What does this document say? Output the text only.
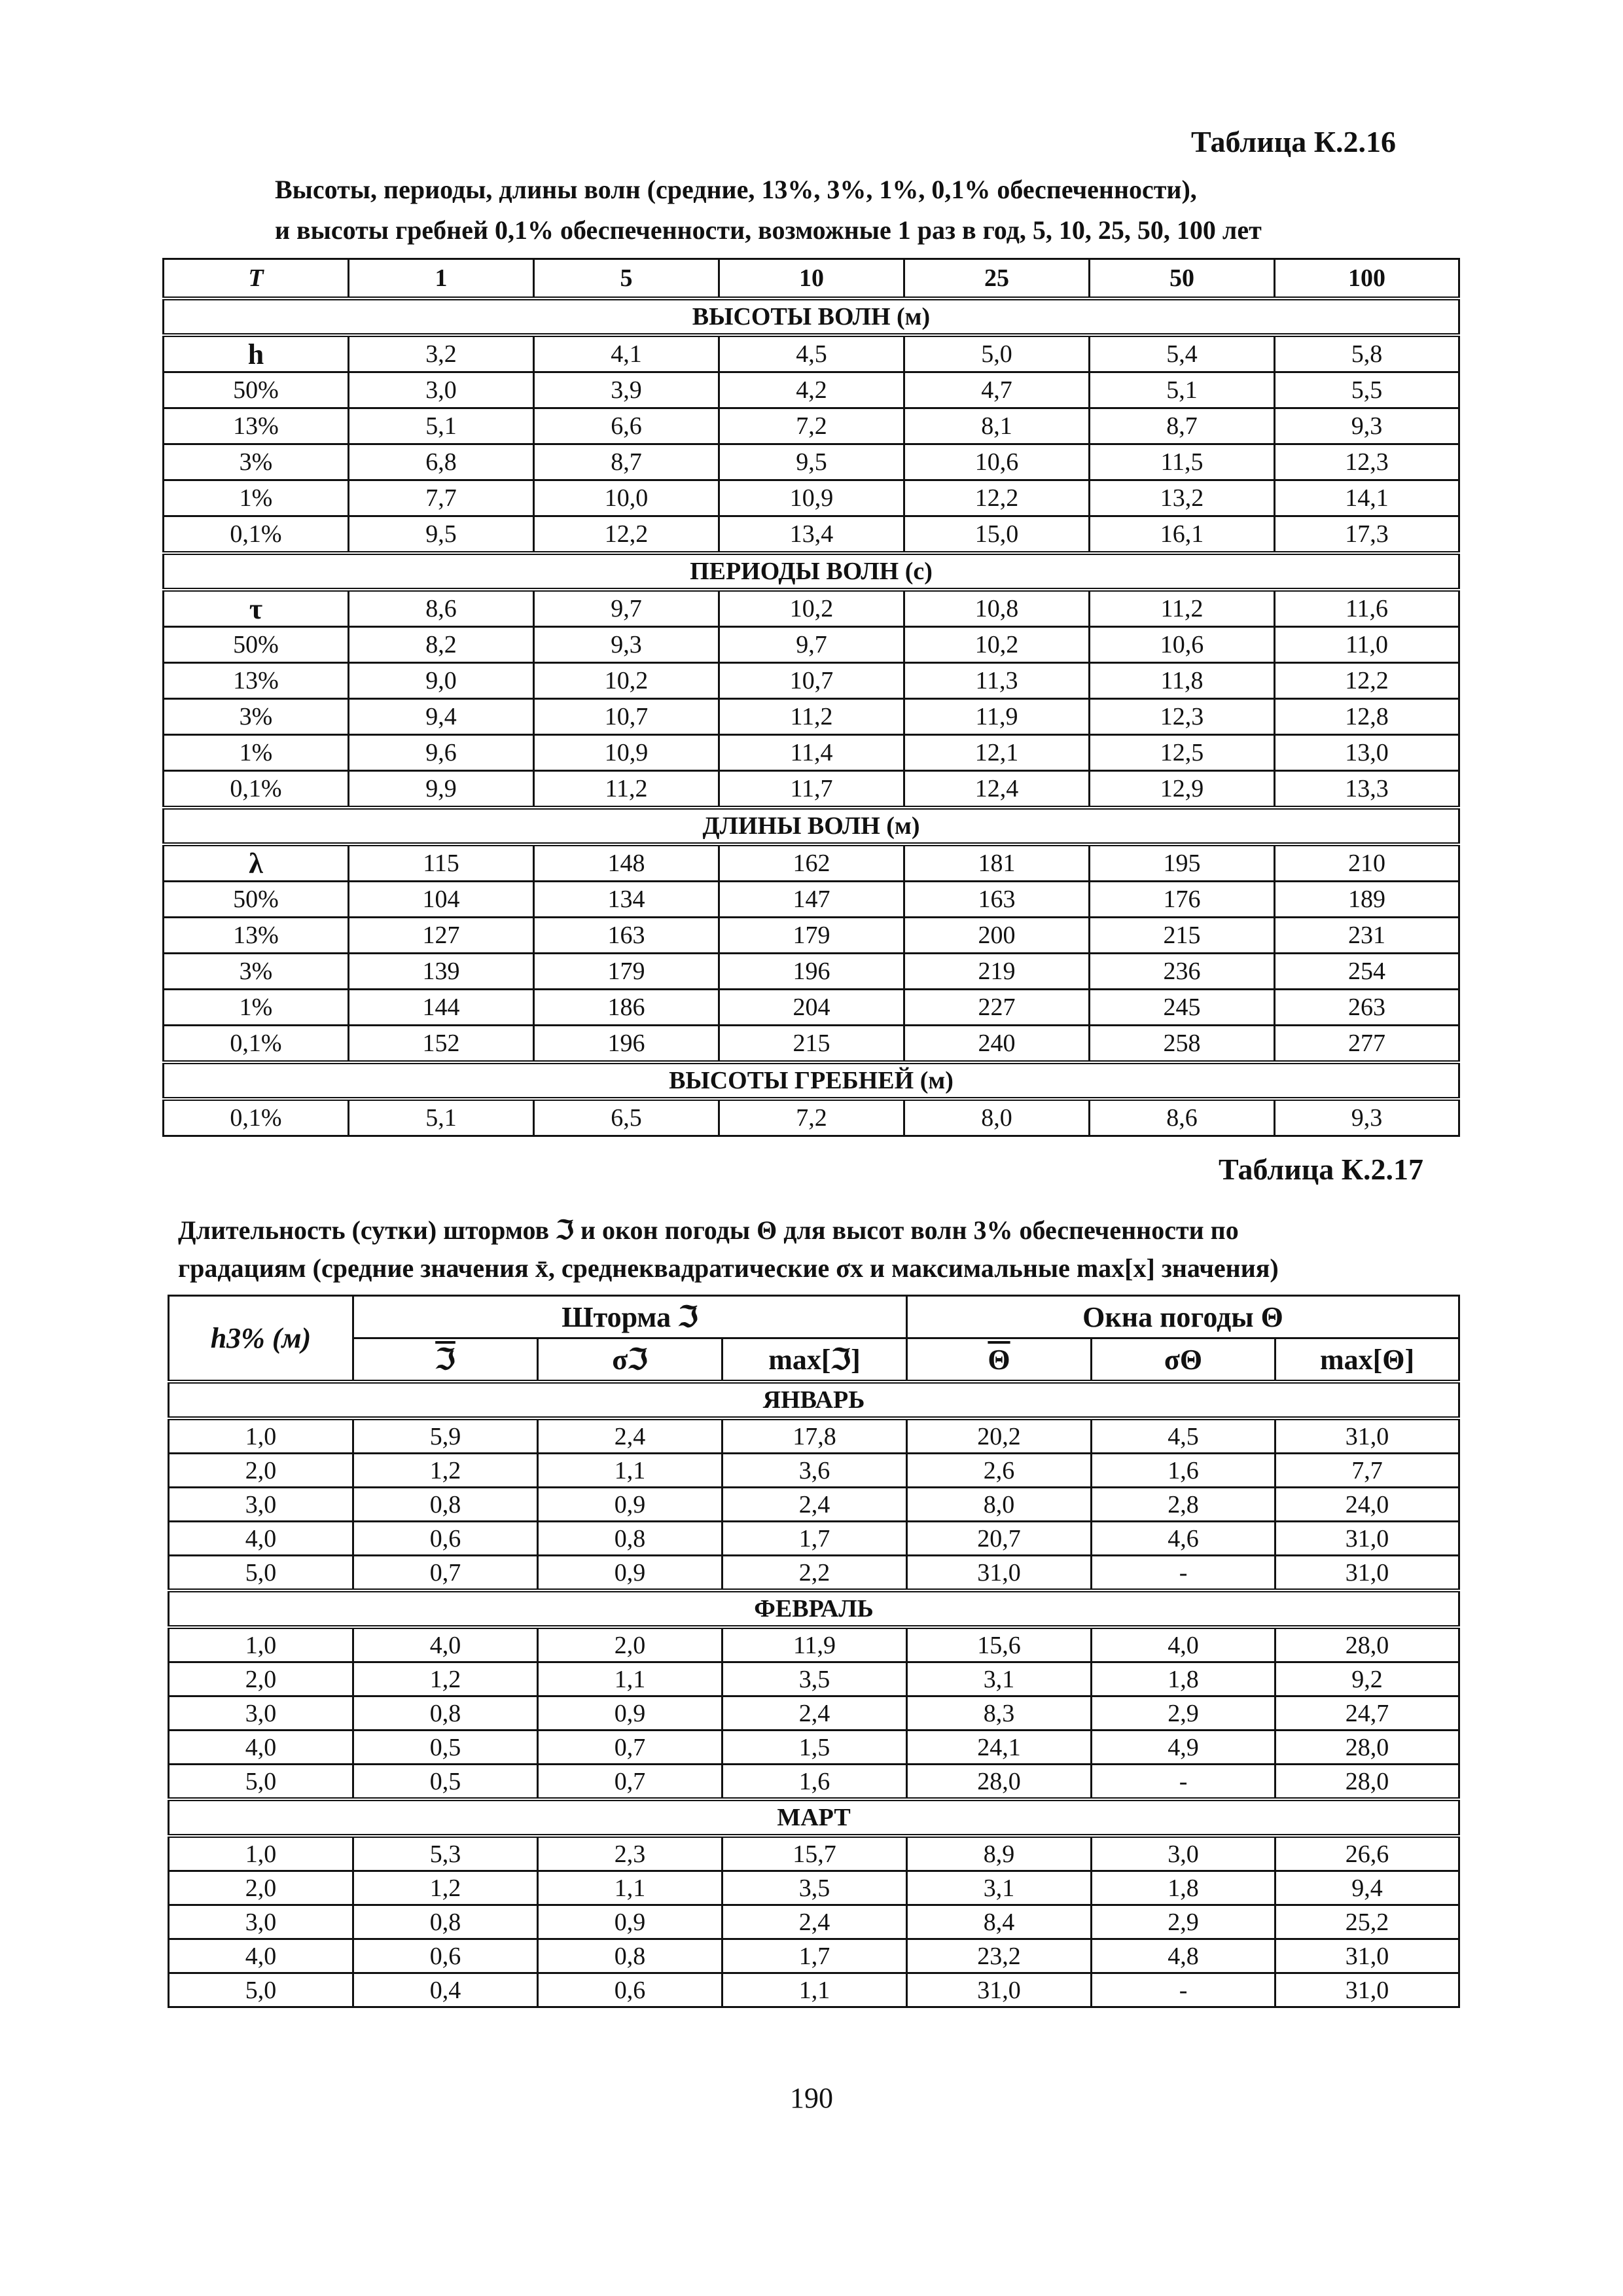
Таблица К.2.16
Высоты, периоды, длины волн (средние, 13%, 3%, 1%, 0,1% обеспеченности),
и высоты гребней 0,1% обеспеченности, возможные 1 раз в год, 5, 10, 25, 50, 100 лет
T	1	5	10	25	50	100
ВЫСОТЫ ВОЛН (м)						
h	3,2	4,1	4,5	5,0	5,4	5,8
50%	3,0	3,9	4,2	4,7	5,1	5,5
13%	5,1	6,6	7,2	8,1	8,7	9,3
3%	6,8	8,7	9,5	10,6	11,5	12,3
1%	7,7	10,0	10,9	12,2	13,2	14,1
0,1%	9,5	12,2	13,4	15,0	16,1	17,3
ПЕРИОДЫ ВОЛН (с)						
τ	8,6	9,7	10,2	10,8	11,2	11,6
50%	8,2	9,3	9,7	10,2	10,6	11,0
13%	9,0	10,2	10,7	11,3	11,8	12,2
3%	9,4	10,7	11,2	11,9	12,3	12,8
1%	9,6	10,9	11,4	12,1	12,5	13,0
0,1%	9,9	11,2	11,7	12,4	12,9	13,3
ДЛИНЫ ВОЛН (м)						
λ	115	148	162	181	195	210
50%	104	134	147	163	176	189
13%	127	163	179	200	215	231
3%	139	179	196	219	236	254
1%	144	186	204	227	245	263
0,1%	152	196	215	240	258	277
ВЫСОТЫ ГРЕБНЕЙ (м)						
0,1%	5,1	6,5	7,2	8,0	8,6	9,3
Таблица К.2.17
Длительность (сутки) штормов ℑ и окон погоды Θ для высот волн 3% обеспеченности по
градациям (средние значения x̄, среднеквадратические σx и максимальные max[x] значения)
h3% (м)	Шторма ℑ			Окна погоды Θ		
	ℑ	σℑ	max[ℑ]	$\overline{\Theta}$	σΘ	max[Θ]
ЯНВАРЬ						
1,0	5,9	2,4	17,8	20,2	4,5	31,0
2,0	1,2	1,1	3,6	2,6	1,6	7,7
3,0	0,8	0,9	2,4	8,0	2,8	24,0
4,0	0,6	0,8	1,7	20,7	4,6	31,0
5,0	0,7	0,9	2,2	31,0	-	31,0
ФЕВРАЛЬ						
1,0	4,0	2,0	11,9	15,6	4,0	28,0
2,0	1,2	1,1	3,5	3,1	1,8	9,2
3,0	0,8	0,9	2,4	8,3	2,9	24,7
4,0	0,5	0,7	1,5	24,1	4,9	28,0
5,0	0,5	0,7	1,6	28,0	-	28,0
МАРТ						
1,0	5,3	2,3	15,7	8,9	3,0	26,6
2,0	1,2	1,1	3,5	3,1	1,8	9,4
3,0	0,8	0,9	2,4	8,4	2,9	25,2
4,0	0,6	0,8	1,7	23,2	4,8	31,0
5,0	0,4	0,6	1,1	31,0	-	31,0
190
